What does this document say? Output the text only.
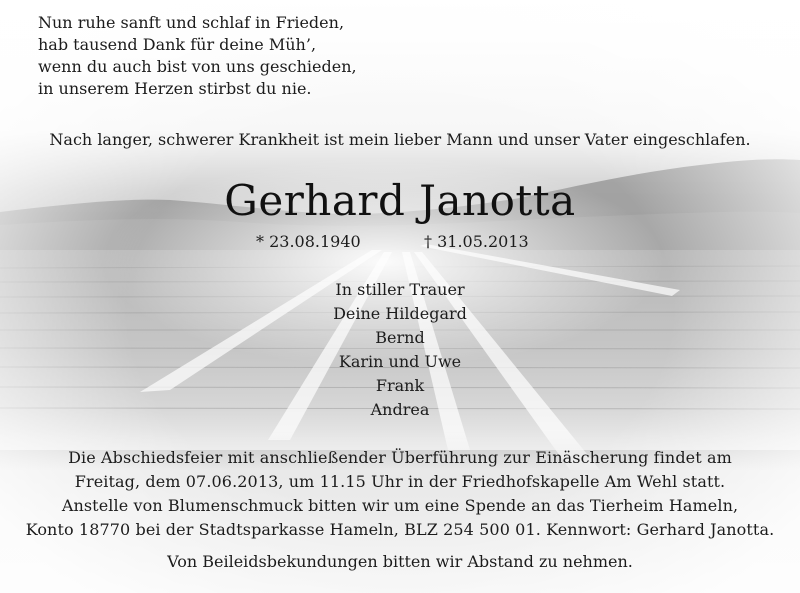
Nun ruhe sanft und schlaf in Frieden,
hab tausend Dank für deine Müh’,
wenn du auch bist von uns geschieden,
in unserem Herzen stirbst du nie.
Nach langer, schwerer Krankheit ist mein lieber Mann und unser Vater eingeschlafen.
Gerhard Janotta
* 23.08.1940	† 31.05.2013
In stiller Trauer
Deine Hildegard
Bernd
Karin und Uwe
Frank
Andrea
Die Abschiedsfeier mit anschließender Überführung zur Einäscherung findet am
Freitag, dem 07.06.2013, um 11.15 Uhr in der Friedhofskapelle Am Wehl statt.
Anstelle von Blumenschmuck bitten wir um eine Spende an das Tierheim Hameln,
Konto 18770 bei der Stadtsparkasse Hameln, BLZ 254 500 01. Kennwort: Gerhard Janotta.
Von Beileidsbekundungen bitten wir Abstand zu nehmen.
